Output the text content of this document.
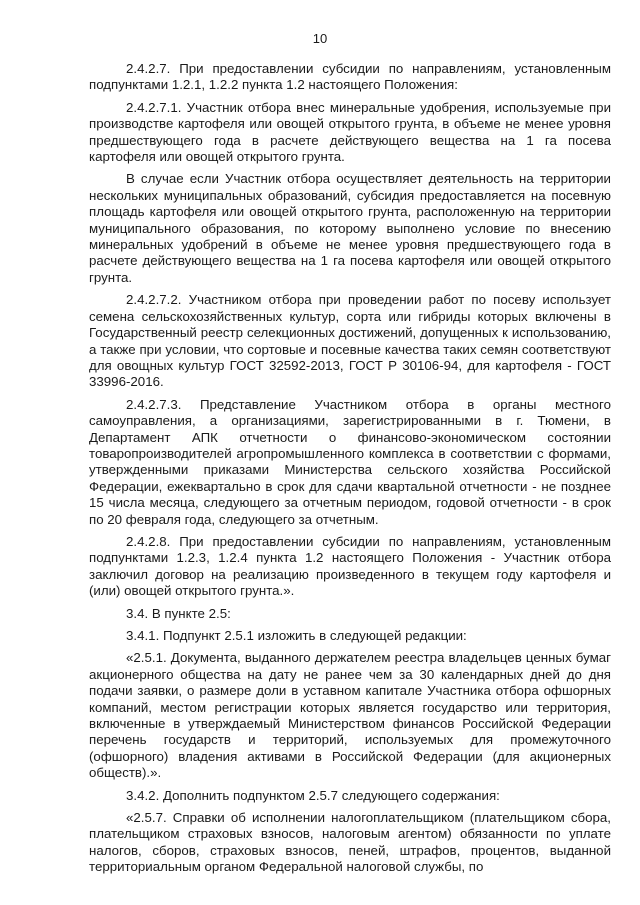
10

2.4.2.7. При предоставлении субсидии по направлениям, установленным подпунктами 1.2.1, 1.2.2 пункта 1.2 настоящего Положения:

2.4.2.7.1. Участник отбора внес минеральные удобрения, используемые при производстве картофеля или овощей открытого грунта, в объеме не менее уровня предшествующего года в расчете действующего вещества на 1 га посева картофеля или овощей открытого грунта.

В случае если Участник отбора осуществляет деятельность на территории нескольких муниципальных образований, субсидия предоставляется на посевную площадь картофеля или овощей открытого грунта, расположенную на территории муниципального образования, по которому выполнено условие по внесению минеральных удобрений в объеме не менее уровня предшествующего года в расчете действующего вещества на 1 га посева картофеля или овощей открытого грунта.

2.4.2.7.2. Участником отбора при проведении работ по посеву использует семена сельскохозяйственных культур, сорта или гибриды которых включены в Государственный реестр селекционных достижений, допущенных к использованию, а также при условии, что сортовые и посевные качества таких семян соответствуют для овощных культур ГОСТ 32592-2013, ГОСТ Р 30106-94, для картофеля - ГОСТ 33996-2016.

2.4.2.7.3. Представление Участником отбора в органы местного самоуправления, а организациями, зарегистрированными в г. Тюмени, в Департамент АПК отчетности о финансово-экономическом состоянии товаропроизводителей агропромышленного комплекса в соответствии с формами, утвержденными приказами Министерства сельского хозяйства Российской Федерации, ежеквартально в срок для сдачи квартальной отчетности - не позднее 15 числа месяца, следующего за отчетным периодом, годовой отчетности - в срок по 20 февраля года, следующего за отчетным.

2.4.2.8. При предоставлении субсидии по направлениям, установленным подпунктами 1.2.3, 1.2.4 пункта 1.2 настоящего Положения - Участник отбора заключил договор на реализацию произведенного в текущем году картофеля и (или) овощей открытого грунта.».

3.4. В пункте 2.5:

3.4.1. Подпункт 2.5.1 изложить в следующей редакции:

«2.5.1. Документа, выданного держателем реестра владельцев ценных бумаг акционерного общества на дату не ранее чем за 30 календарных дней до дня подачи заявки, о размере доли в уставном капитале Участника отбора офшорных компаний, местом регистрации которых является государство или территория, включенные в утверждаемый Министерством финансов Российской Федерации перечень государств и территорий, используемых для промежуточного (офшорного) владения активами в Российской Федерации (для акционерных обществ).».

3.4.2. Дополнить подпунктом 2.5.7 следующего содержания:

«2.5.7. Справки об исполнении налогоплательщиком (плательщиком сбора, плательщиком страховых взносов, налоговым агентом) обязанности по уплате налогов, сборов, страховых взносов, пеней, штрафов, процентов, выданной территориальным органом Федеральной налоговой службы, по
